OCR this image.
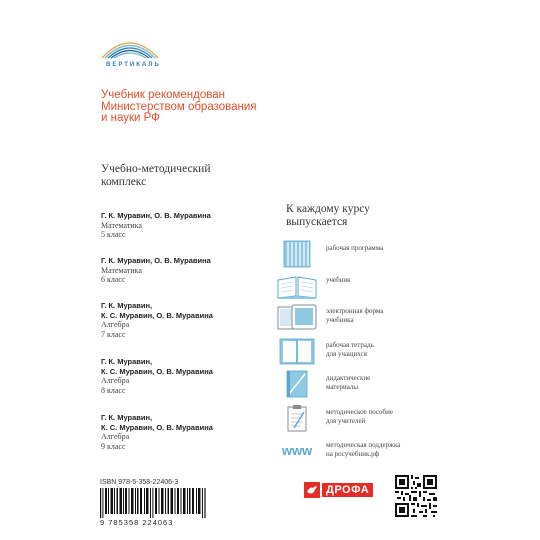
ВЕРТИКАЛЬ
Учебник рекомендован
Министерством образования
и науки РФ
Учебно-методический
комплекс
Г. К. Муравин, О. В. Муравина
Математика
5 класс
Г. К. Муравин, О. В. Муравина
Математика
6 класс
Г. К. Муравин,
К. С. Муравин, О. В. Муравина
Алгебра
7 класс
Г. К. Муравин,
К. С. Муравин, О. В. Муравина
Алгебра
8 класс
Г. К. Муравин,
К. С. Муравин, О. В. Муравина
Алгебра
9 класс
К каждому курсу
выпускается
рабочая программа
учебник
электронная форма
учебника
рабочая тетрадь
для учащихся
дидактические
материалы
методическое пособие
для учителей
www методическая поддержка
на росучебник.рф
ISBN 978-5-358-22406-3
9 785358 224063
ДРОФА
